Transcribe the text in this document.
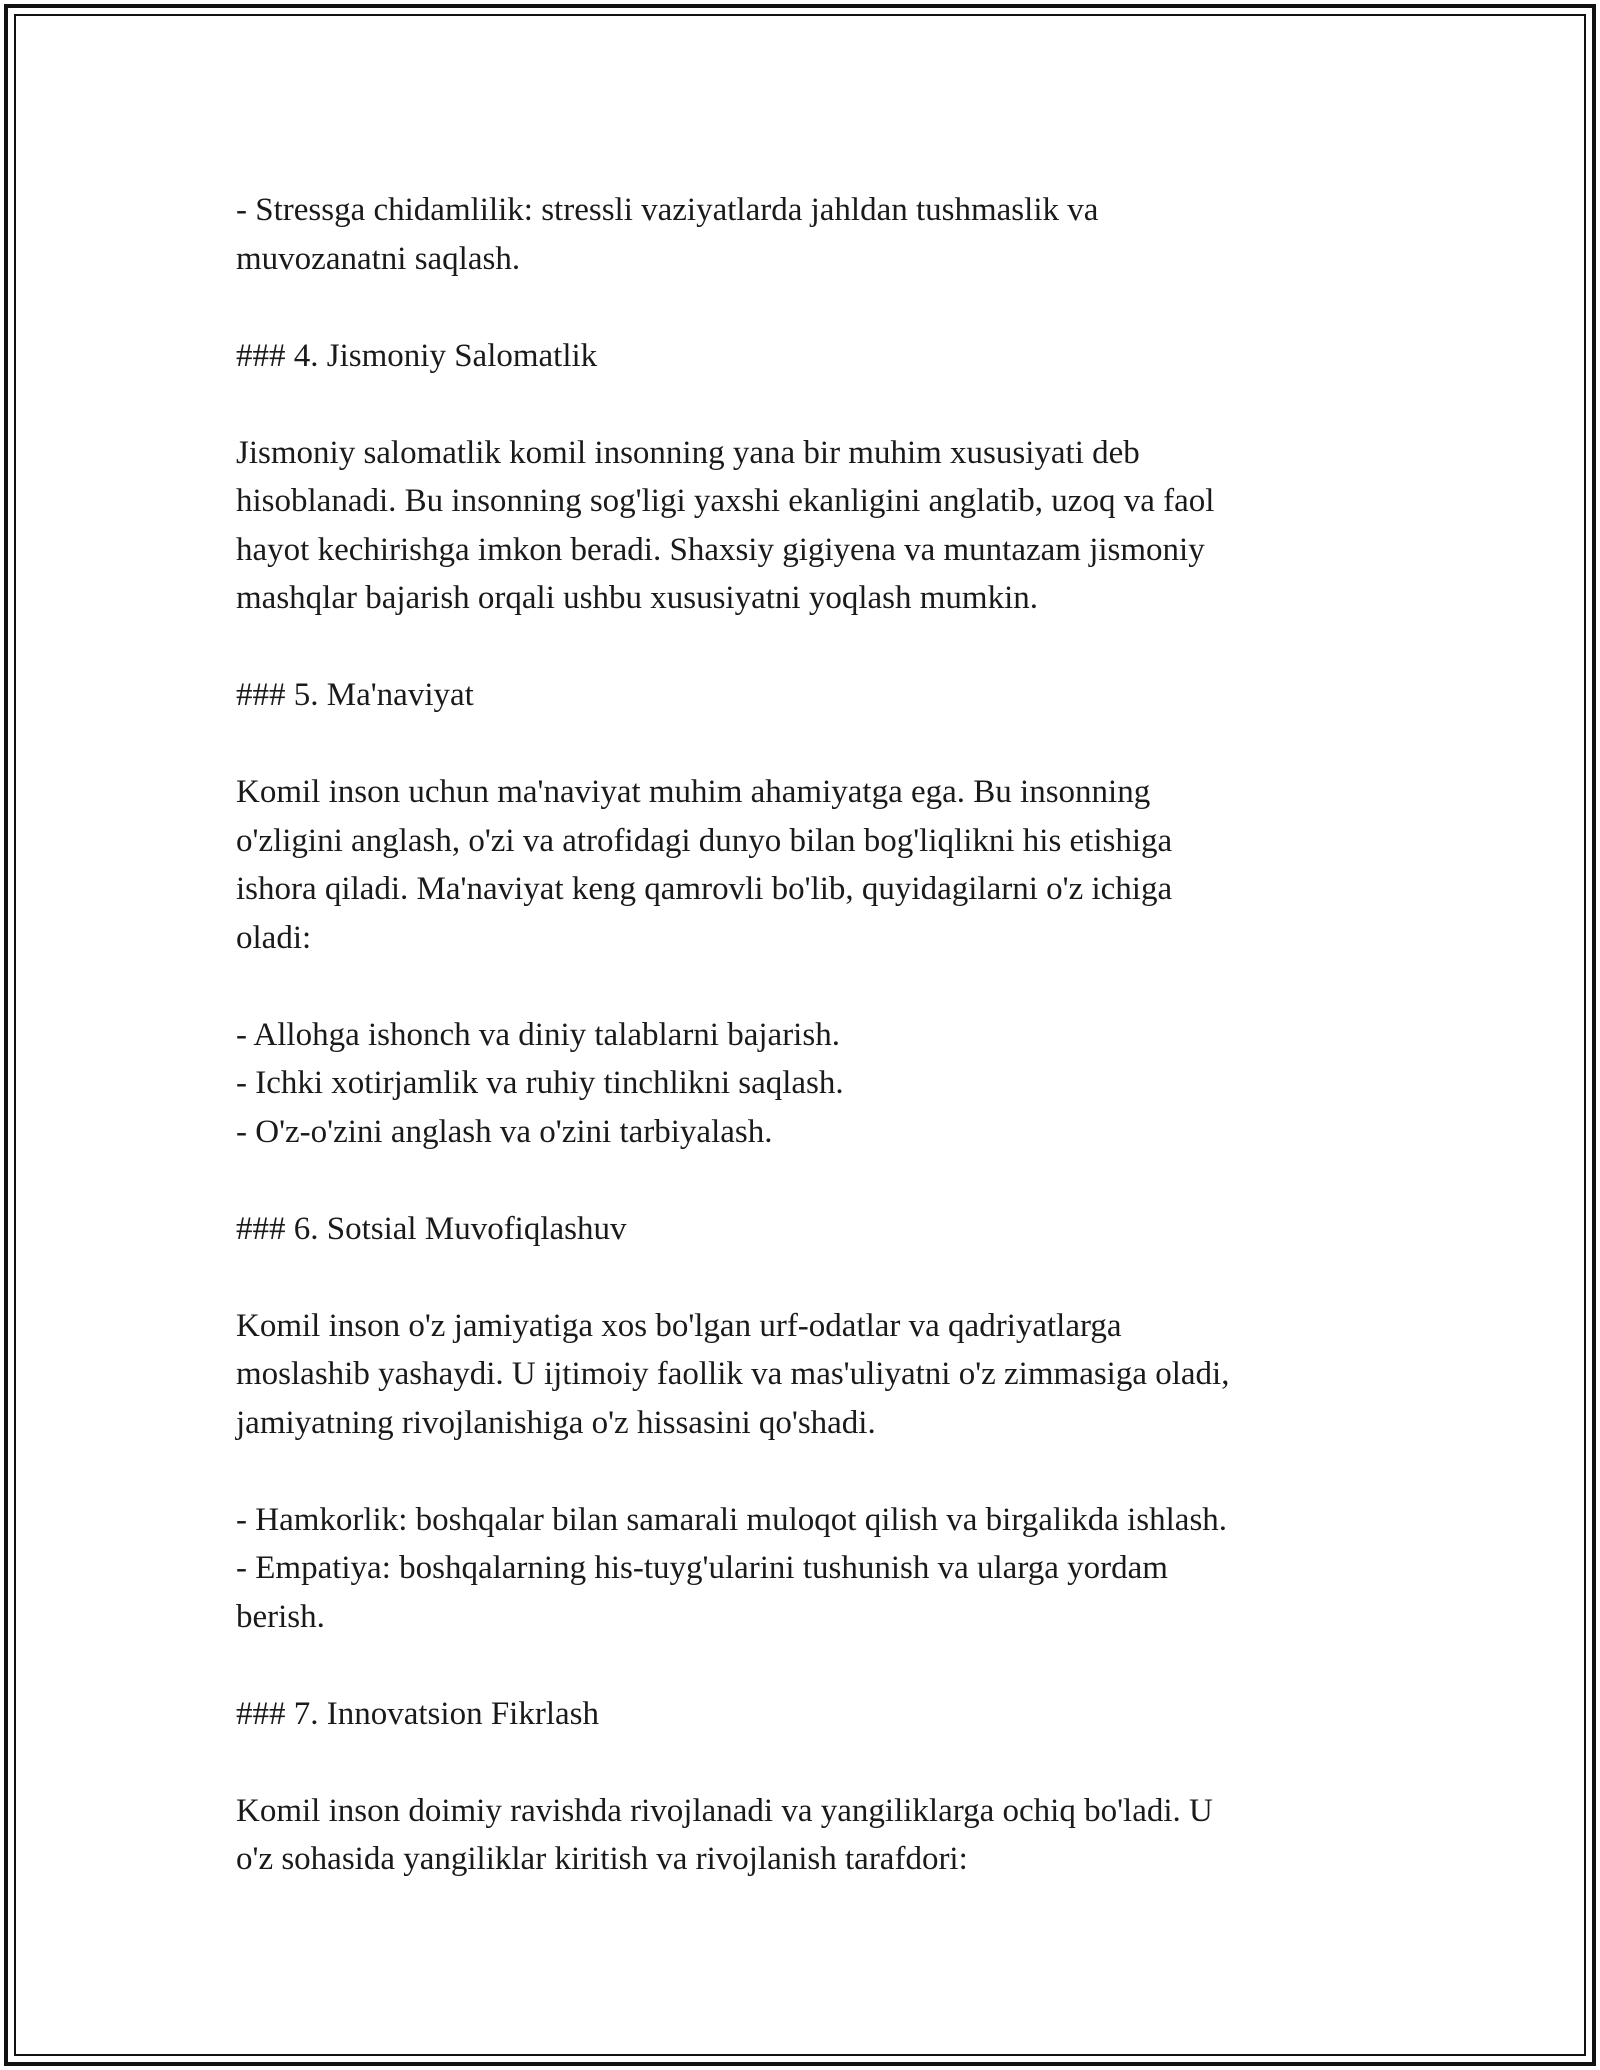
- Stressga chidamlilik: stressli vaziyatlarda jahldan tushmaslik va
muvozanatni saqlash.
### 4. Jismoniy Salomatlik
Jismoniy salomatlik komil insonning yana bir muhim xususiyati deb
hisoblanadi. Bu insonning sog'ligi yaxshi ekanligini anglatib, uzoq va faol
hayot kechirishga imkon beradi. Shaxsiy gigiyena va muntazam jismoniy
mashqlar bajarish orqali ushbu xususiyatni yoqlash mumkin.
### 5. Ma'naviyat
Komil inson uchun ma'naviyat muhim ahamiyatga ega. Bu insonning
o'zligini anglash, o'zi va atrofidagi dunyo bilan bog'liqlikni his etishiga
ishora qiladi. Ma'naviyat keng qamrovli bo'lib, quyidagilarni o'z ichiga
oladi:
- Allohga ishonch va diniy talablarni bajarish.
- Ichki xotirjamlik va ruhiy tinchlikni saqlash.
- O'z-o'zini anglash va o'zini tarbiyalash.
### 6. Sotsial Muvofiqlashuv
Komil inson o'z jamiyatiga xos bo'lgan urf-odatlar va qadriyatlarga
moslashib yashaydi. U ijtimoiy faollik va mas'uliyatni o'z zimmasiga oladi,
jamiyatning rivojlanishiga o'z hissasini qo'shadi.
- Hamkorlik: boshqalar bilan samarali muloqot qilish va birgalikda ishlash.
- Empatiya: boshqalarning his-tuyg'ularini tushunish va ularga yordam
berish.
### 7. Innovatsion Fikrlash
Komil inson doimiy ravishda rivojlanadi va yangiliklarga ochiq bo'ladi. U
o'z sohasida yangiliklar kiritish va rivojlanish tarafdori:
